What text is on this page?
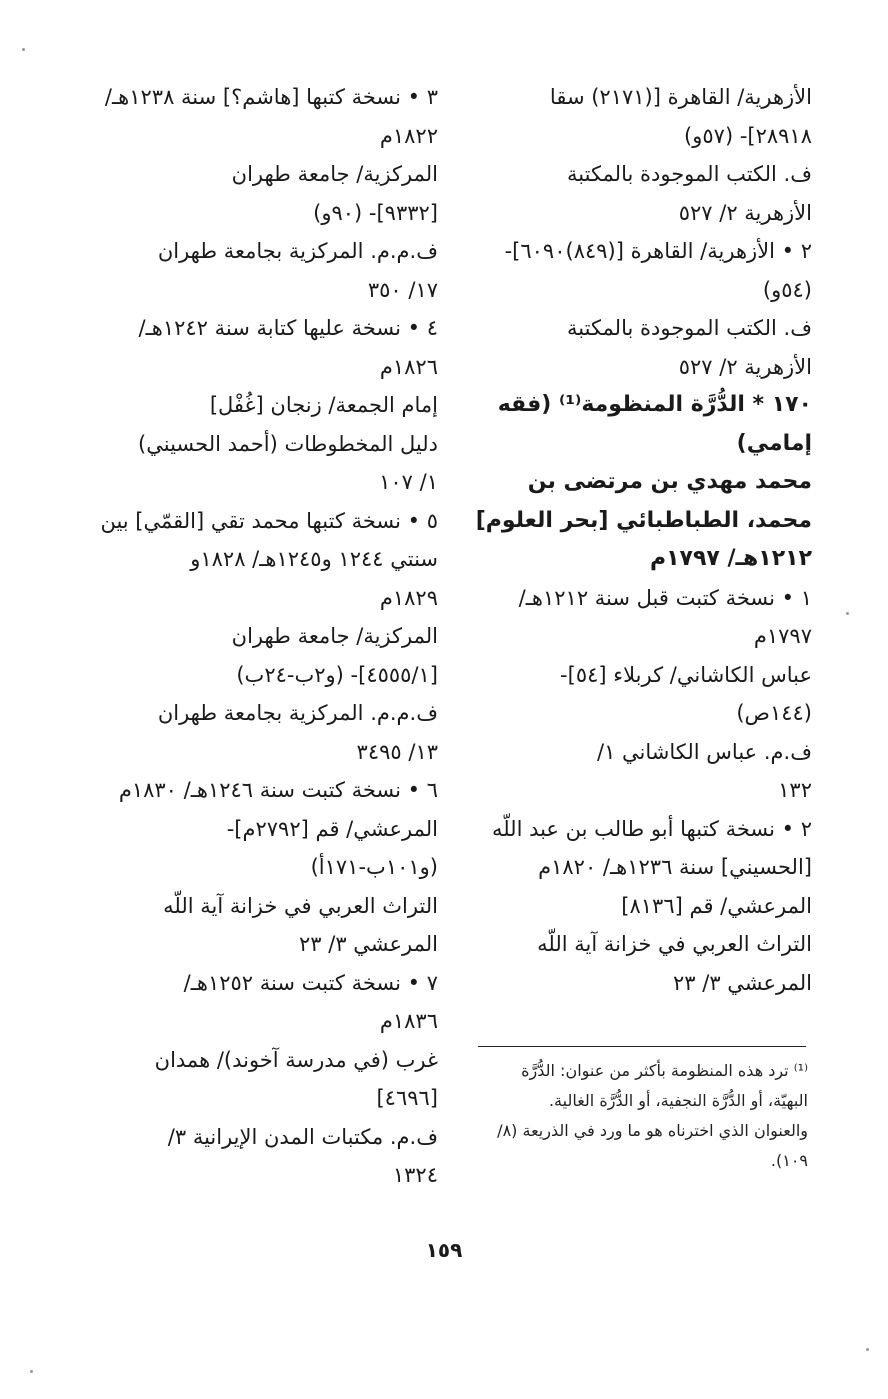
الأزهرية/ القاهرة [(٢١٧١) سقا
٢٨٩١٨]- (٥٧و)
ف. الكتب الموجودة بالمكتبة
الأزهرية ٢/ ٥٢٧
٢ • الأزهرية/ القاهرة [(٨٤٩)٦٠٩٠]-
(٥٤و)
ف. الكتب الموجودة بالمكتبة
الأزهرية ٢/ ٥٢٧
١٧٠ * الدُّرَّة المنظومة⁽¹⁾ (فقه
إمامي)
محمد مهدي بن مرتضى بن
محمد، الطباطبائي [بحر العلوم]
١٢١٢هـ/ ١٧٩٧م
١ • نسخة كتبت قبل سنة ١٢١٢هـ/
١٧٩٧م
عباس الكاشاني/ كربلاء [٥٤]-
(١٤٤ص)
ف.م. عباس الكاشاني ١/
١٣٢
٢ • نسخة كتبها أبو طالب بن عبد اللّه
[الحسيني] سنة ١٢٣٦هـ/ ١٨٢٠م
المرعشي/ قم [٨١٣٦]
التراث العربي في خزانة آية اللّه
المرعشي ٣/ ٢٣
٣ • نسخة كتبها [هاشم؟] سنة ١٢٣٨هـ/
١٨٢٢م
المركزية/ جامعة طهران
[٩٣٣٢]- (٩٠و)
ف.م.م. المركزية بجامعة طهران
١٧/ ٣٥٠
٤ • نسخة عليها كتابة سنة ١٢٤٢هـ/
١٨٢٦م
إمام الجمعة/ زنجان [غُفْل]
دليل المخطوطات (أحمد الحسيني)
١/ ١٠٧
٥ • نسخة كتبها محمد تقي [القمّي] بين
سنتي ١٢٤٤ و١٢٤٥هـ/ ١٨٢٨و
١٨٢٩م
المركزية/ جامعة طهران
[٤٥٥٥/١]- (و٢ب-٢٤ب)
ف.م.م. المركزية بجامعة طهران
١٣/ ٣٤٩٥
٦ • نسخة كتبت سنة ١٢٤٦هـ/ ١٨٣٠م
المرعشي/ قم [٢٧٩٢م]-
(و١٠١ب-١٧١أ)
التراث العربي في خزانة آية اللّه
المرعشي ٣/ ٢٣
٧ • نسخة كتبت سنة ١٢٥٢هـ/
١٨٣٦م
غرب (في مدرسة آخوند)/ همدان
[٤٦٩٦]
ف.م. مكتبات المدن الإيرانية ٣/
١٣٢٤
⁽¹⁾ ترد هذه المنظومة بأكثر من عنوان: الدُّرَّة
البهيّة، أو الدُّرَّة النجفية، أو الدُّرَّة الغالية.
والعنوان الذي اخترناه هو ما ورد في الذريعة (٨/
١٠٩).
١٥٩
